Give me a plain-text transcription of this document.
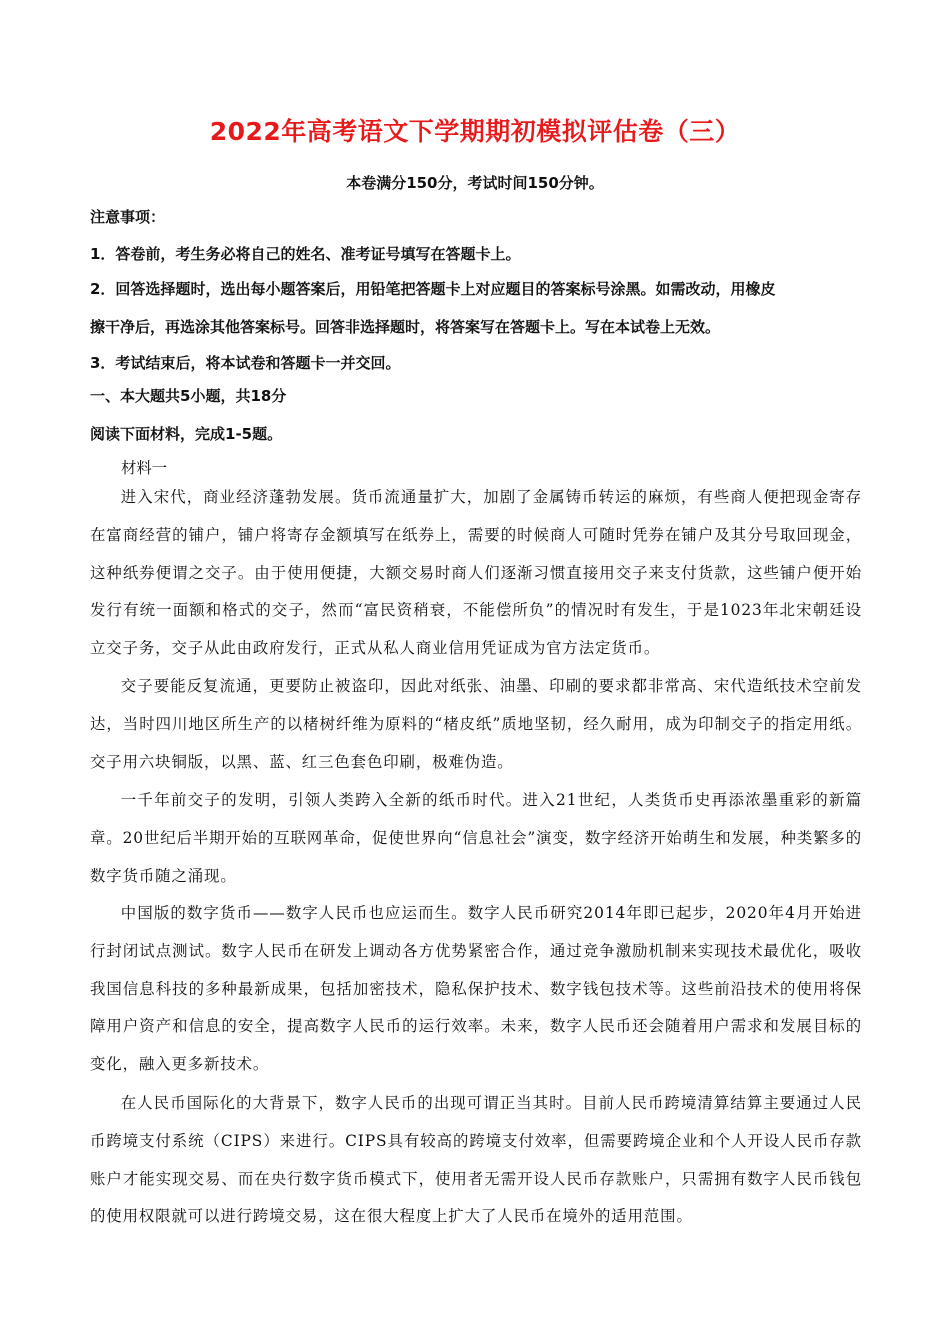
2022年高考语文下学期期初模拟评估卷（三）
本卷满分150分，考试时间150分钟。
注意事项：
1．答卷前，考生务必将自己的姓名、准考证号填写在答题卡上。
2．回答选择题时，选出每小题答案后，用铅笔把答题卡上对应题目的答案标号涂黑。如需改动，用橡皮
擦干净后，再选涂其他答案标号。回答非选择题时，将答案写在答题卡上。写在本试卷上无效。
3．考试结束后，将本试卷和答题卡一并交回。
一、本大题共5小题，共18分
阅读下面材料，完成1-5题。
材料一

进入宋代，商业经济蓬勃发展。货币流通量扩大，加剧了金属铸币转运的麻烦，有些商人便把现金寄存在富商经营的铺户，铺户将寄存金额填写在纸券上，需要的时候商人可随时凭券在铺户及其分号取回现金，这种纸券便谓之交子。由于使用便捷，大额交易时商人们逐渐习惯直接用交子来支付货款，这些铺户便开始发行有统一面额和格式的交子，然而“富民资稍衰，不能偿所负”的情况时有发生，于是1023年北宋朝廷设立交子务，交子从此由政府发行，正式从私人商业信用凭证成为官方法定货币。

交子要能反复流通，更要防止被盗印，因此对纸张、油墨、印刷的要求都非常高、宋代造纸技术空前发达，当时四川地区所生产的以楮树纤维为原料的“楮皮纸”质地坚韧，经久耐用，成为印制交子的指定用纸。交子用六块铜版，以黑、蓝、红三色套色印刷，极难伪造。

一千年前交子的发明，引领人类跨入全新的纸币时代。进入21世纪，人类货币史再添浓墨重彩的新篇章。20世纪后半期开始的互联网革命，促使世界向“信息社会”演变，数字经济开始萌生和发展，种类繁多的数字货币随之涌现。

中国版的数字货币——数字人民币也应运而生。数字人民币研究2014年即已起步，2020年4月开始进行封闭试点测试。数字人民币在研发上调动各方优势紧密合作，通过竞争激励机制来实现技术最优化，吸收我国信息科技的多种最新成果，包括加密技术，隐私保护技术、数字钱包技术等。这些前沿技术的使用将保障用户资产和信息的安全，提高数字人民币的运行效率。未来，数字人民币还会随着用户需求和发展目标的变化，融入更多新技术。

在人民币国际化的大背景下，数字人民币的出现可谓正当其时。目前人民币跨境清算结算主要通过人民币跨境支付系统（CIPS）来进行。CIPS具有较高的跨境支付效率，但需要跨境企业和个人开设人民币存款账户才能实现交易、而在央行数字货币模式下，使用者无需开设人民币存款账户，只需拥有数字人民币钱包的使用权限就可以进行跨境交易，这在很大程度上扩大了人民币在境外的适用范围。
